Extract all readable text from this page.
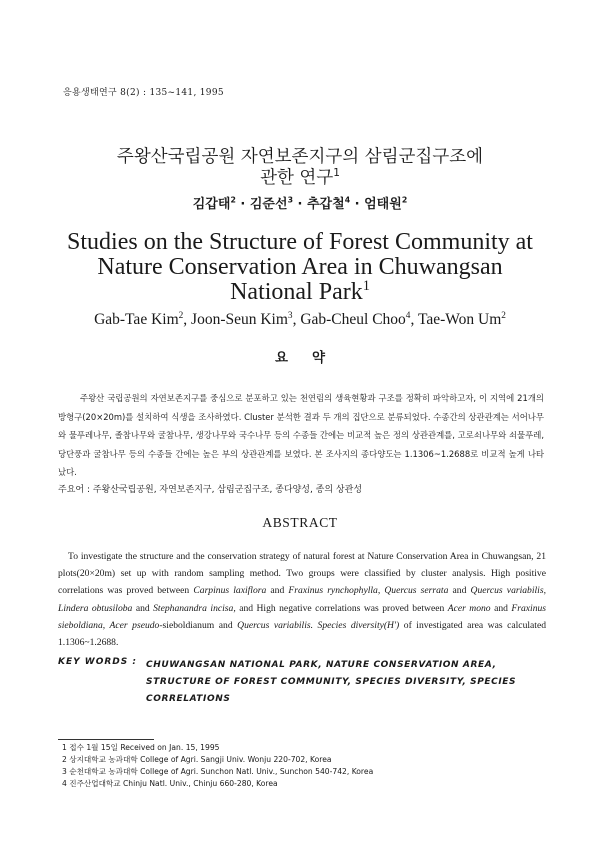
응용생태연구 8(2) : 135~141, 1995
주왕산국립공원 자연보존지구의 삼림군집구조에
관한 연구$^1$
김갑태$^2$ · 김준선$^3$ · 추갑철$^4$ · 엄태원$^2$
Studies on the Structure of Forest Community at
Nature Conservation Area in Chuwangsan
National Park$^1$
Gab-Tae Kim$^2$, Joon-Seun Kim$^3$, Gab-Cheul Choo$^4$, Tae-Won Um$^2$
요약
주왕산 국립공원의 자연보존지구를 중심으로 분포하고 있는 천연림의 생육현황과 구조를 정확히 파악하고자, 이 지역에 21개의 방형구(20×20m)를 설치하여 식생을 조사하였다. Cluster 분석한 결과 두 개의 집단으로 분류되었다. 수종간의 상관관계는 서어나무와 물푸레나무, 졸참나무와 굴참나무, 생강나무와 국수나무 등의 수종들 간에는 비교적 높은 정의 상관관계를, 고로쇠나무와 쇠물푸레, 당단풍과 굴참나무 등의 수종들 간에는 높은 부의 상관관계를 보였다. 본 조사지의 종다양도는 1.1306~1.2688로 비교적 높게 나타났다.
주요어 : 주왕산국립공원, 자연보존지구, 삼림군집구조, 종다양성, 종의 상관성
ABSTRACT
To investigate the structure and the conservation strategy of natural forest at Nature Conservation Area in Chuwangsan, 21 plots(20×20m) set up with random sampling method. Two groups were classified by cluster analysis. High positive correlations was proved between Carpinus laxiflora and Fraxinus rynchophylla, Quercus serrata and Quercus variabilis, Lindera obtusiloba and Stephanandra incisa, and High negative correlations was proved between Acer mono and Fraxinus sieboldiana, Acer pseudo-sieboldianum and Quercus variabilis. Species diversity(H') of investigated area was calculated 1.1306~1.2688.
KEY WORDS : CHUWANGSAN NATIONAL PARK, NATURE CONSERVATION AREA, STRUCTURE OF FOREST COMMUNITY, SPECIES DIVERSITY, SPECIES CORRELATIONS
1 접수 1월 15일 Received on Jan. 15, 1995
2 상지대학교 농과대학 College of Agri. Sangji Univ. Wonju 220-702, Korea
3 순천대학교 농과대학 College of Agri. Sunchon Natl. Univ., Sunchon 540-742, Korea
4 진주산업대학교 Chinju Natl. Univ., Chinju 660-280, Korea
